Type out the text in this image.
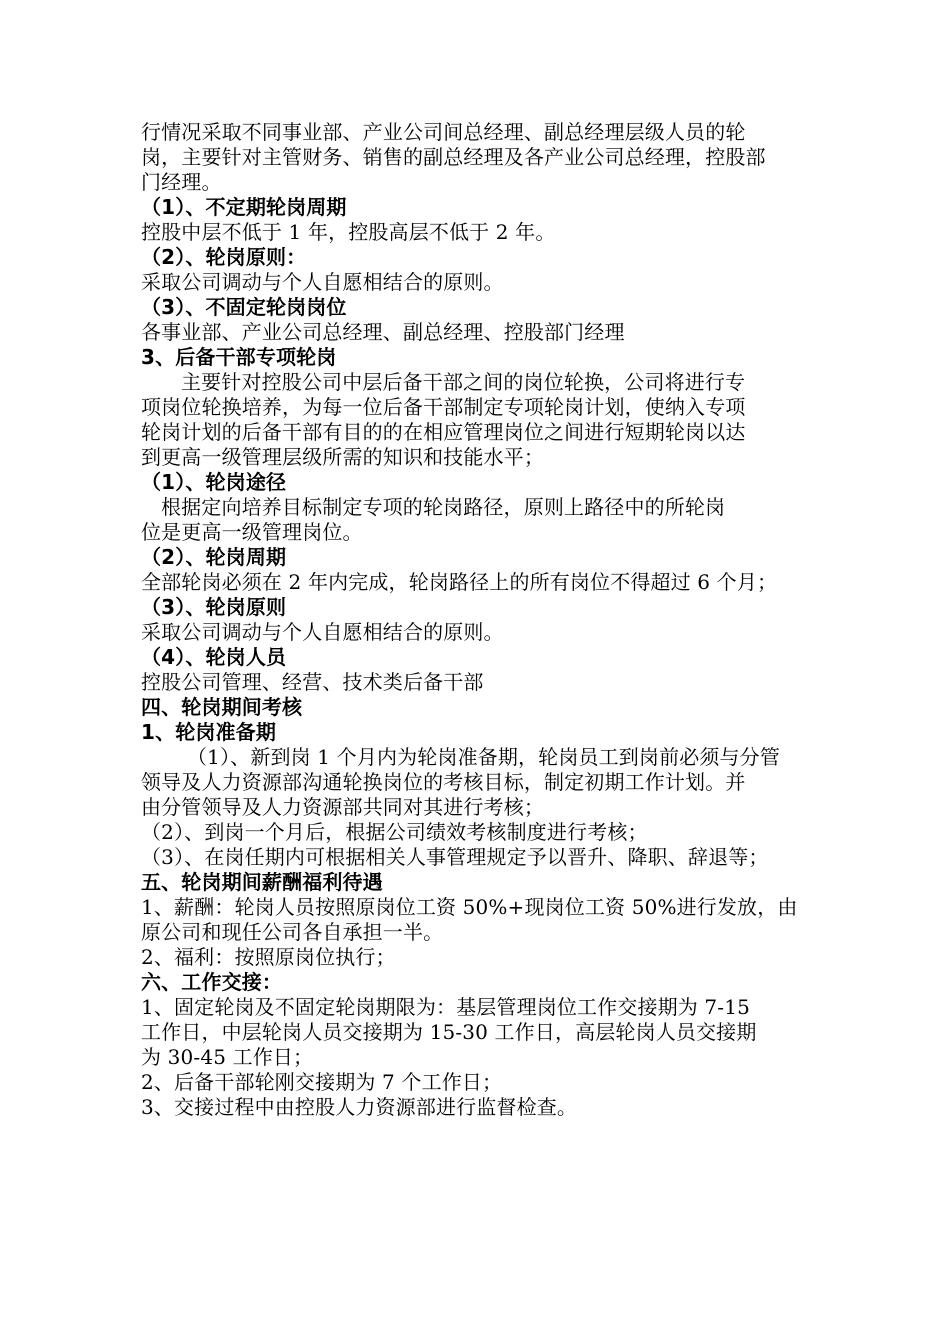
行情况采取不同事业部、产业公司间总经理、副总经理层级人员的轮
岗，主要针对主管财务、销售的副总经理及各产业公司总经理，控股部
门经理。
（1）、不定期轮岗周期
控股中层不低于 1 年，控股高层不低于 2 年。
（2）、轮岗原则：
采取公司调动与个人自愿相结合的原则。
（3）、不固定轮岗岗位
各事业部、产业公司总经理、副总经理、控股部门经理
3、后备干部专项轮岗
主要针对控股公司中层后备干部之间的岗位轮换，公司将进行专
项岗位轮换培养，为每一位后备干部制定专项轮岗计划，使纳入专项
轮岗计划的后备干部有目的的在相应管理岗位之间进行短期轮岗以达
到更高一级管理层级所需的知识和技能水平；
（1）、轮岗途径
根据定向培养目标制定专项的轮岗路径，原则上路径中的所轮岗
位是更高一级管理岗位。
（2）、轮岗周期
全部轮岗必须在 2 年内完成，轮岗路径上的所有岗位不得超过 6 个月；
（3）、轮岗原则
采取公司调动与个人自愿相结合的原则。
（4）、轮岗人员
控股公司管理、经营、技术类后备干部
四、轮岗期间考核
1、轮岗准备期
（1）、新到岗 1 个月内为轮岗准备期，轮岗员工到岗前必须与分管
领导及人力资源部沟通轮换岗位的考核目标，制定初期工作计划。并
由分管领导及人力资源部共同对其进行考核；
（2）、到岗一个月后，根据公司绩效考核制度进行考核；
（3）、在岗任期内可根据相关人事管理规定予以晋升、降职、辞退等；
五、轮岗期间薪酬福利待遇
1、薪酬：轮岗人员按照原岗位工资 50%+现岗位工资 50%进行发放，由
原公司和现任公司各自承担一半。
2、福利：按照原岗位执行；
六、工作交接：
1、固定轮岗及不固定轮岗期限为：基层管理岗位工作交接期为 7-15
工作日，中层轮岗人员交接期为 15-30 工作日，高层轮岗人员交接期
为 30-45 工作日；
2、后备干部轮刚交接期为 7 个工作日；
3、交接过程中由控股人力资源部进行监督检查。
